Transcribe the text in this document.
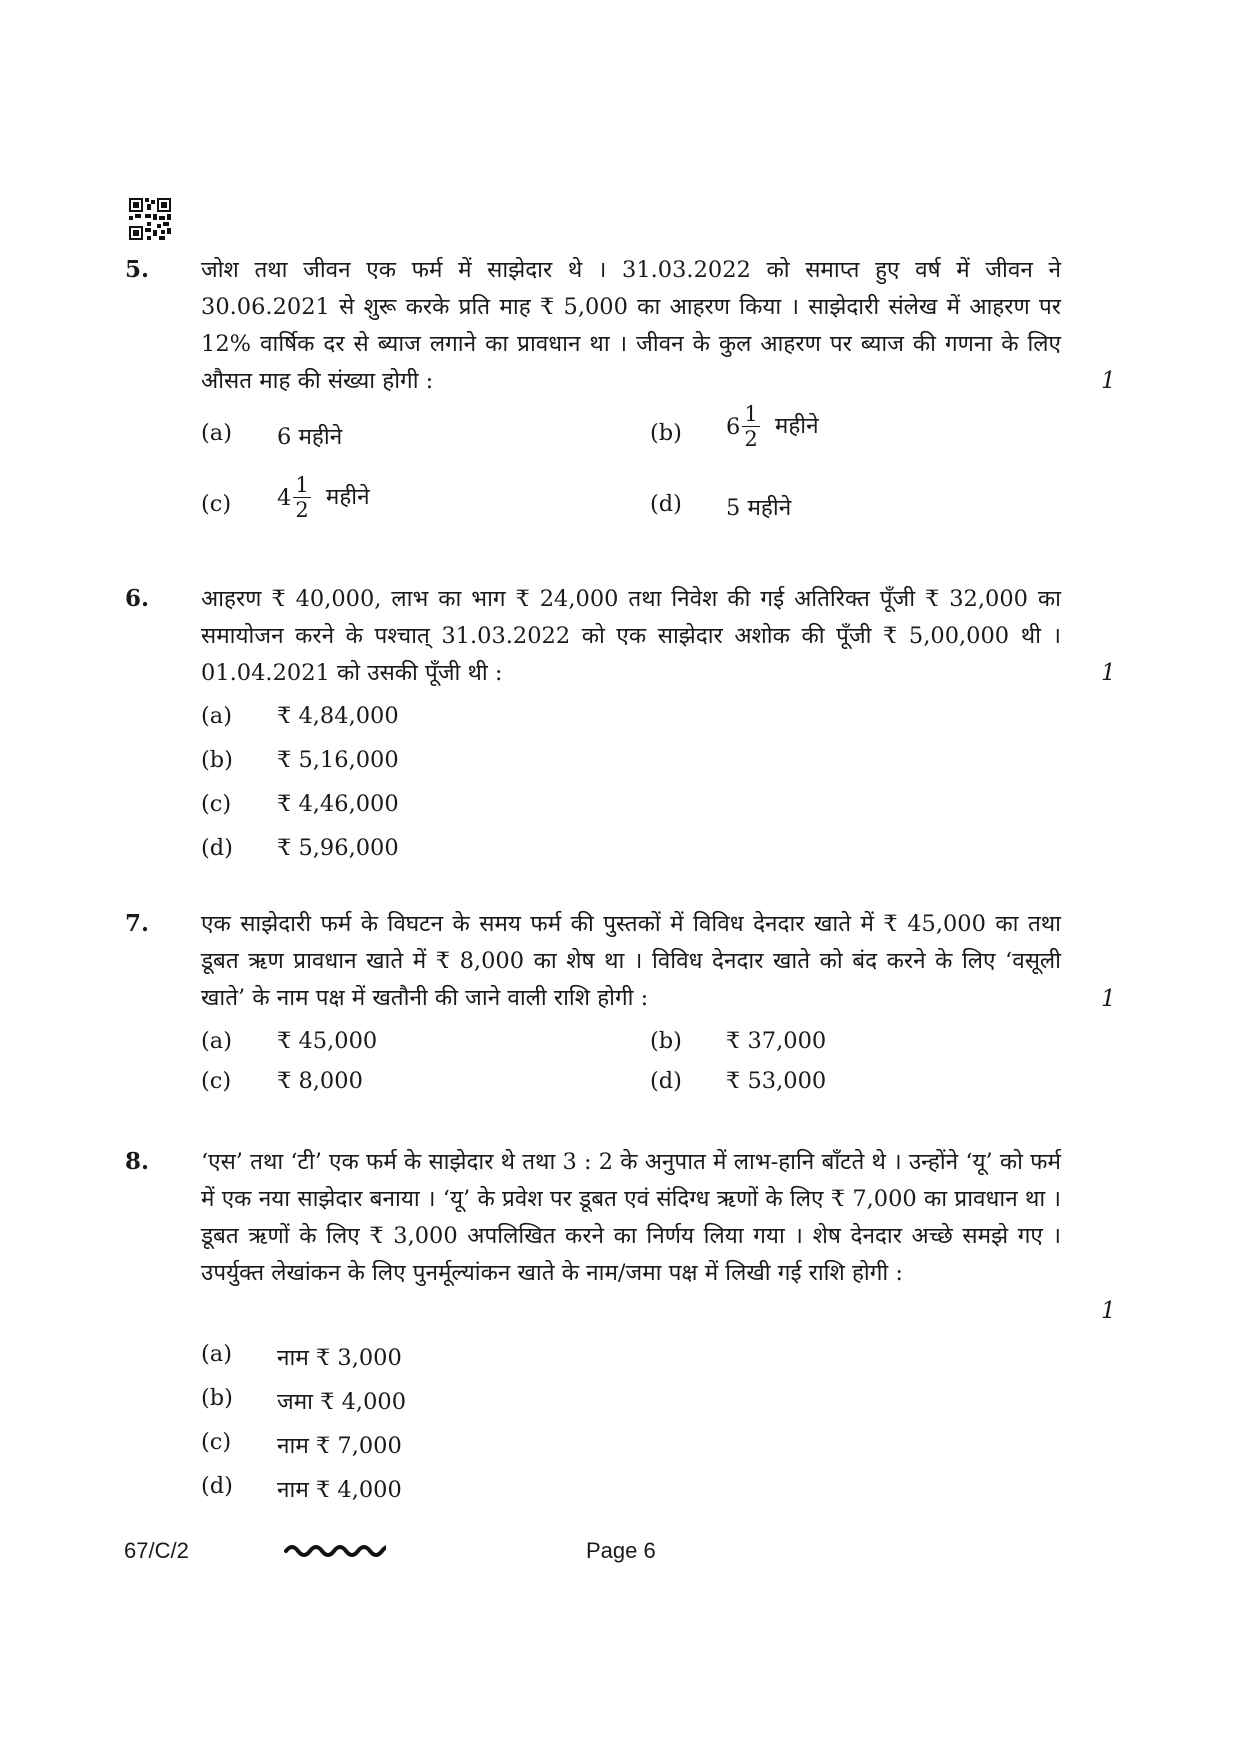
5. जोश तथा जीवन एक फर्म में साझेदार थे । 31.03.2022 को समाप्त हुए वर्ष में जीवन ने 30.06.2021 से शुरू करके प्रति माह ₹ 5,000 का आहरण किया । साझेदारी संलेख में आहरण पर 12% वार्षिक दर से ब्याज लगाने का प्रावधान था । जीवन के कुल आहरण पर ब्याज की गणना के लिए औसत माह की संख्या होगी :	1
(a)	6 महीने	(b)	$6 \frac{1}{2}$ महीने
(c)	$4 \frac{1}{2}$ महीने	(d)	5 महीने
6. आहरण ₹ 40,000, लाभ का भाग ₹ 24,000 तथा निवेश की गई अतिरिक्त पूँजी ₹ 32,000 का समायोजन करने के पश्चात् 31.03.2022 को एक साझेदार अशोक की पूँजी ₹ 5,00,000 थी । 01.04.2021 को उसकी पूँजी थी :	1
(a)	₹ 4,84,000
(b)	₹ 5,16,000
(c)	₹ 4,46,000
(d)	₹ 5,96,000
7. एक साझेदारी फर्म के विघटन के समय फर्म की पुस्तकों में विविध देनदार खाते में ₹ 45,000 का तथा डूबत ऋण प्रावधान खाते में ₹ 8,000 का शेष था । विविध देनदार खाते को बंद करने के लिए ‘वसूली खाते’ के नाम पक्ष में खतौनी की जाने वाली राशि होगी :	1
(a)	₹ 45,000	(b)	₹ 37,000
(c)	₹ 8,000	(d)	₹ 53,000
8. ‘एस’ तथा ‘टी’ एक फर्म के साझेदार थे तथा 3 : 2 के अनुपात में लाभ-हानि बाँटते थे । उन्होंने ‘यू’ को फर्म में एक नया साझेदार बनाया । ‘यू’ के प्रवेश पर डूबत एवं संदिग्ध ऋणों के लिए ₹ 7,000 का प्रावधान था । डूबत ऋणों के लिए ₹ 3,000 अपलिखित करने का निर्णय लिया गया । शेष देनदार अच्छे समझे गए । उपर्युक्त लेखांकन के लिए पुनर्मूल्यांकन खाते के नाम/जमा पक्ष में लिखी गई राशि होगी :
1
(a)	नाम ₹ 3,000
(b)	जमा ₹ 4,000
(c)	नाम ₹ 7,000
(d)	नाम ₹ 4,000
67/C/2	Page 6
